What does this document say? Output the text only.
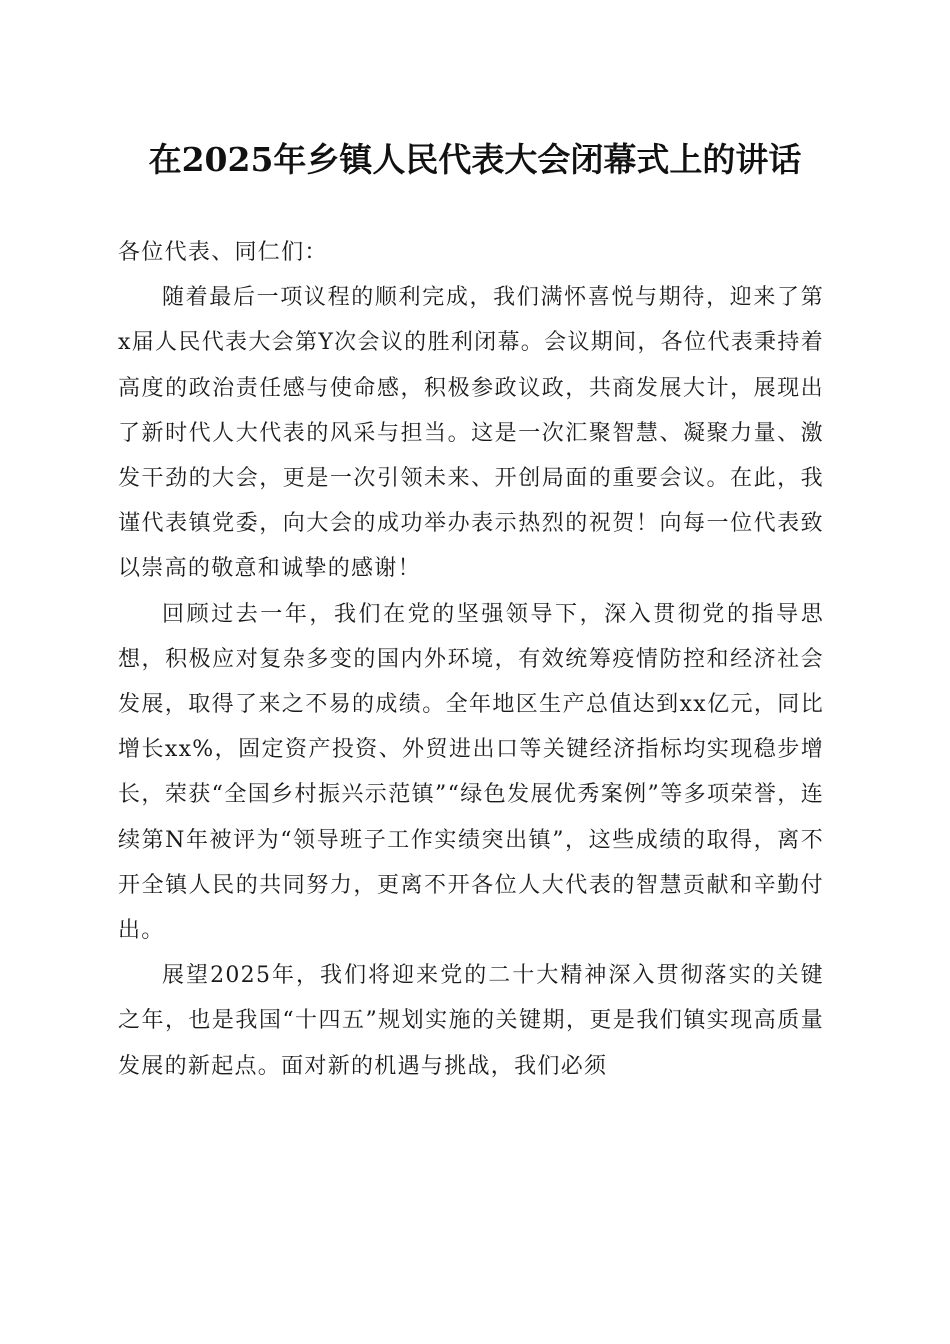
在2025年乡镇人民代表大会闭幕式上的讲话

各位代表、同仁们：

随着最后一项议程的顺利完成，我们满怀喜悦与期待，迎来了第x届人民代表大会第Y次会议的胜利闭幕。会议期间，各位代表秉持着高度的政治责任感与使命感，积极参政议政，共商发展大计，展现出了新时代人大代表的风采与担当。这是一次汇聚智慧、凝聚力量、激发干劲的大会，更是一次引领未来、开创局面的重要会议。在此，我谨代表镇党委，向大会的成功举办表示热烈的祝贺！向每一位代表致以崇高的敬意和诚挚的感谢！

回顾过去一年，我们在党的坚强领导下，深入贯彻党的指导思想，积极应对复杂多变的国内外环境，有效统筹疫情防控和经济社会发展，取得了来之不易的成绩。全年地区生产总值达到xx亿元，同比增长xx%，固定资产投资、外贸进出口等关键经济指标均实现稳步增长，荣获“全国乡村振兴示范镇”“绿色发展优秀案例”等多项荣誉，连续第N年被评为“领导班子工作实绩突出镇”，这些成绩的取得，离不开全镇人民的共同努力，更离不开各位人大代表的智慧贡献和辛勤付出。

展望2025年，我们将迎来党的二十大精神深入贯彻落实的关键之年，也是我国“十四五”规划实施的关键期，更是我们镇实现高质量发展的新起点。面对新的机遇与挑战，我们必须
